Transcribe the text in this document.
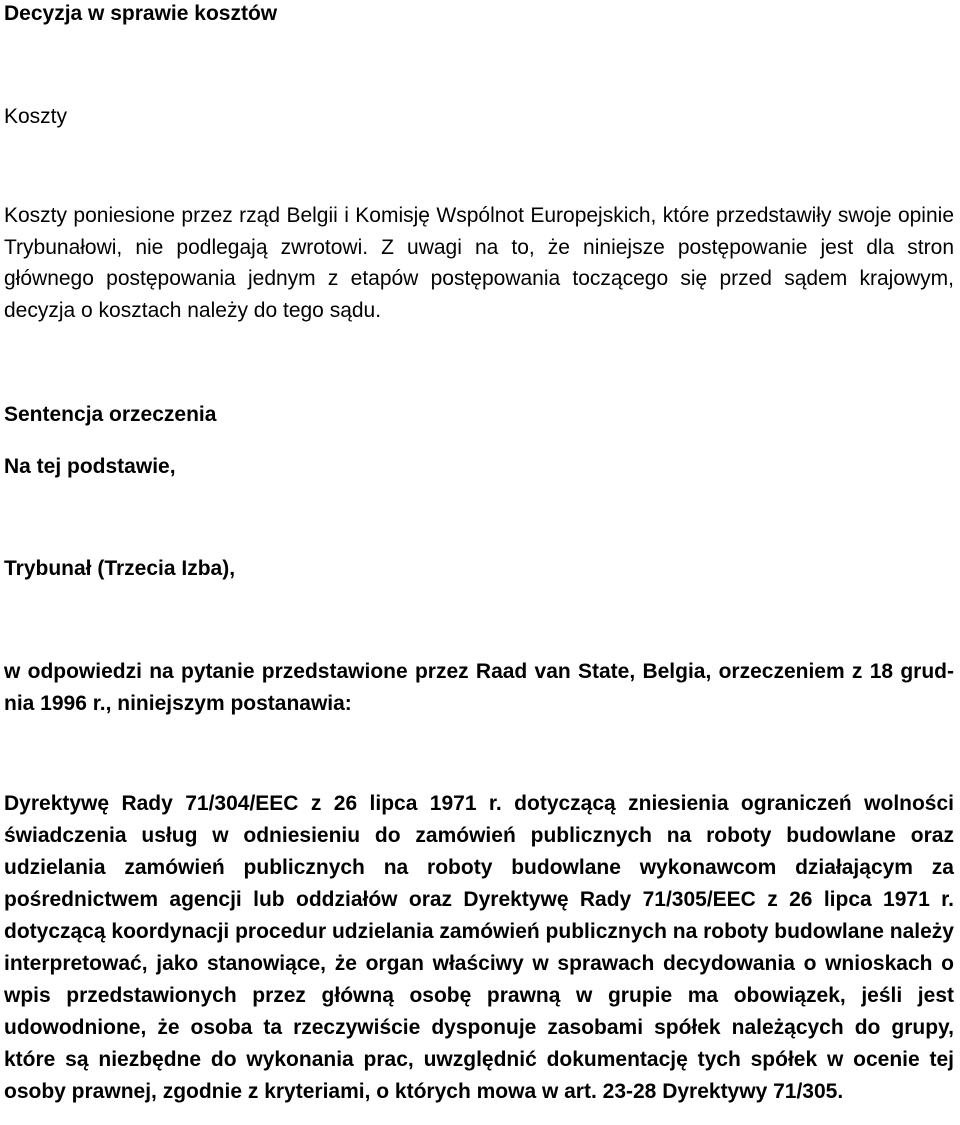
Decyzja w sprawie kosztów
Koszty

Koszty poniesione przez rząd Belgii i Komisję Wspólnot Europejskich, które przedstawiły swoje opinie Trybunałowi, nie podlegają zwrotowi. Z uwagi na to, że niniejsze postępowanie jest dla stron głównego postępowania jednym z etapów postępowania toczącego się przed sądem krajowym, decyzja o kosztach należy do tego sądu.

Sentencja orzeczenia

Na tej podstawie,

Trybunał (Trzecia Izba),

w odpowiedzi na pytanie przedstawione przez Raad van State, Belgia, orzeczeniem z 18 grud-nia 1996 r., niniejszym postanawia:

Dyrektywę Rady 71/304/EEC z 26 lipca 1971 r. dotyczącą zniesienia ograniczeń wolności świadczenia usług w odniesieniu do zamówień publicznych na roboty budowlane oraz udzielania zamówień publicznych na roboty budowlane wykonawcom działającym za pośrednictwem agencji lub oddziałów oraz Dyrektywę Rady 71/305/EEC z 26 lipca 1971 r. dotyczącą koordynacji procedur udzielania zamówień publicznych na roboty budowlane należy interpretować, jako stanowiące, że organ właściwy w sprawach decydowania o wnioskach o wpis przedstawionych przez główną osobę prawną w grupie ma obowiązek, jeśli jest udowodnione, że osoba ta rzeczywiście dysponuje zasobami spółek należących do grupy, które są niezbędne do wykonania prac, uwzględnić dokumentację tych spółek w ocenie tej osoby prawnej, zgodnie z kryteriami, o których mowa w art. 23-28 Dyrektywy 71/305.
